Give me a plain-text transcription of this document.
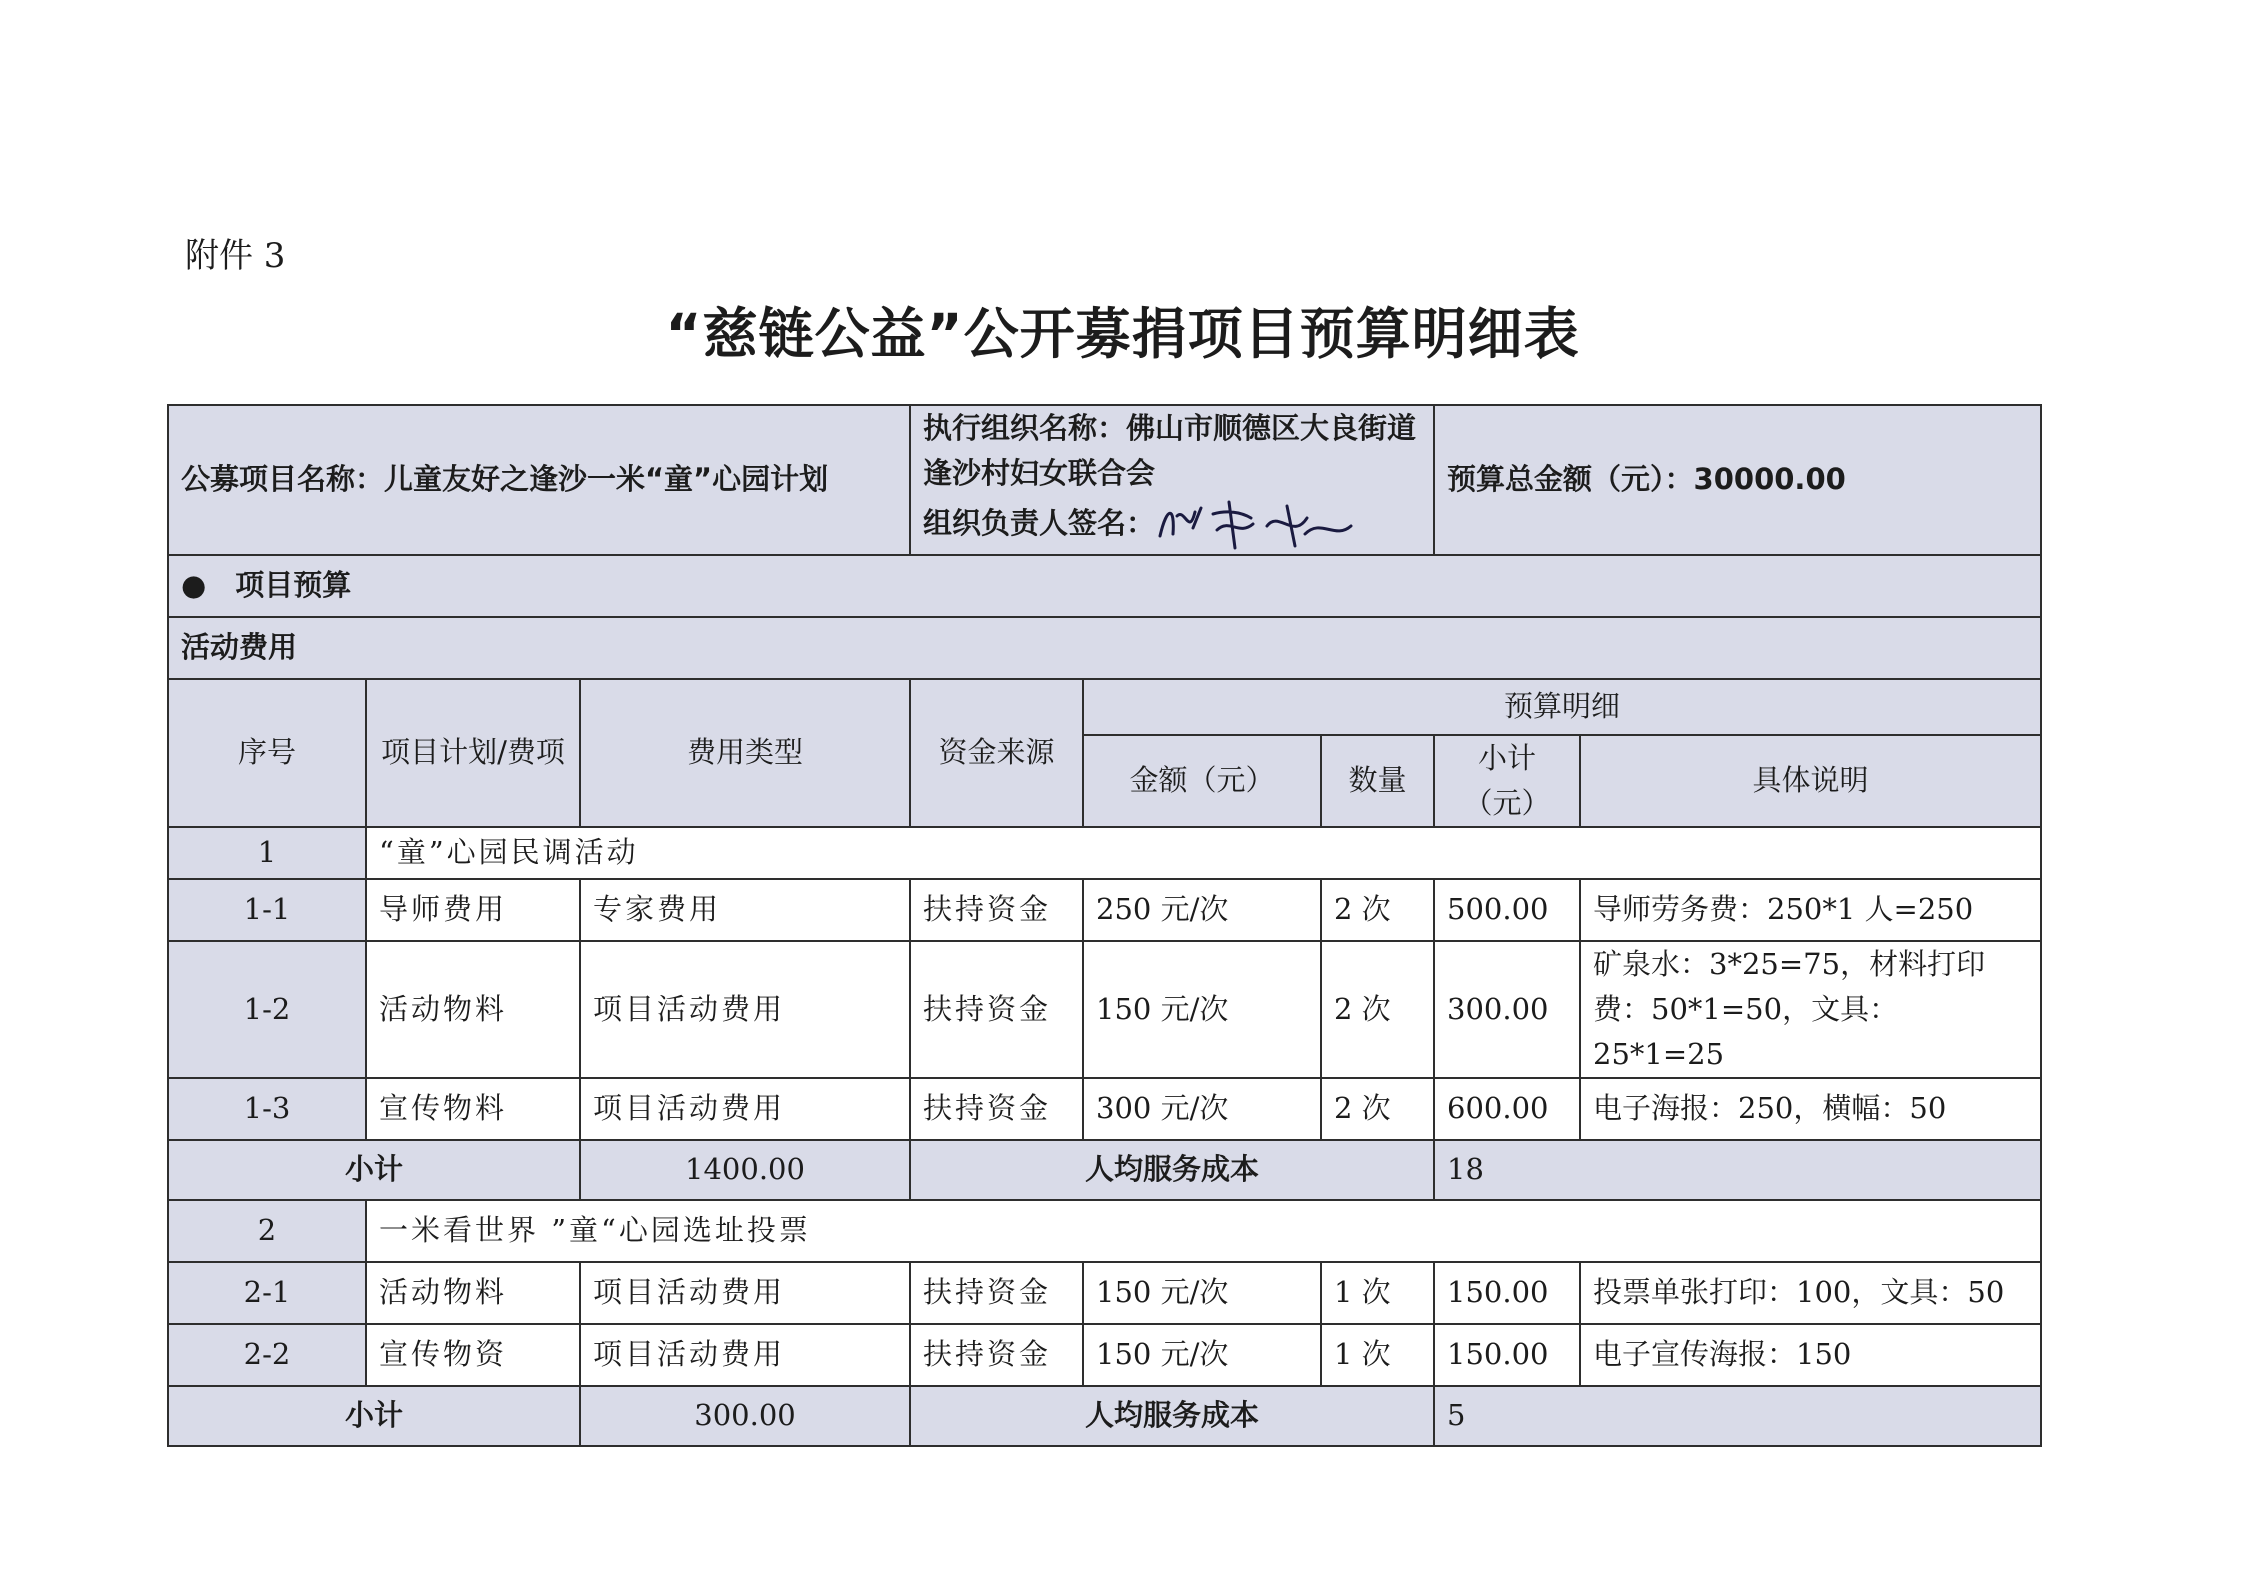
附件 3
“慈链公益”公开募捐项目预算明细表
公募项目名称：儿童友好之逢沙一米“童”心园计划			执行组织名称：佛山市顺德区大良街道逢沙村妇女联合会
组织负责人签名：			预算总金额（元）：30000.00	
●　项目预算							
活动费用							
序号	项目计划/费项	费用类型	资金来源	预算明细			
				金额（元）	数量	小计（元）	具体说明
1	“童”心园民调活动						
1-1	导师费用	专家费用	扶持资金	250 元/次	2 次	500.00	导师劳务费：250*1 人=250
1-2	活动物料	项目活动费用	扶持资金	150 元/次	2 次	300.00	矿泉水：3*25=75，材料打印费：50*1=50，文具：25*1=25
1-3	宣传物料	项目活动费用	扶持资金	300 元/次	2 次	600.00	电子海报：250，横幅：50
小计		1400.00	人均服务成本			18	
2	一米看世界 ”童“心园选址投票						
2-1	活动物料	项目活动费用	扶持资金	150 元/次	1 次	150.00	投票单张打印：100，文具：50
2-2	宣传物资	项目活动费用	扶持资金	150 元/次	1 次	150.00	电子宣传海报：150
小计		300.00	人均服务成本			5	
